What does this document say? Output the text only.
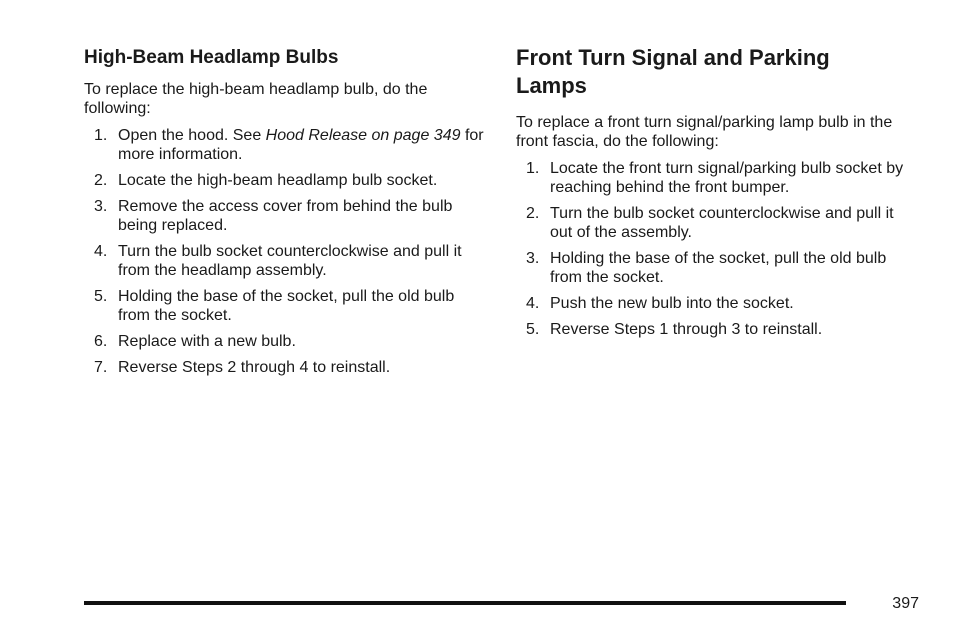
High-Beam Headlamp Bulbs

To replace the high-beam headlamp bulb, do the following:

1. Open the hood. See Hood Release on page 349 for more information.
2. Locate the high-beam headlamp bulb socket.
3. Remove the access cover from behind the bulb being replaced.
4. Turn the bulb socket counterclockwise and pull it from the headlamp assembly.
5. Holding the base of the socket, pull the old bulb from the socket.
6. Replace with a new bulb.
7. Reverse Steps 2 through 4 to reinstall.
Front Turn Signal and Parking Lamps

To replace a front turn signal/parking lamp bulb in the front fascia, do the following:

1. Locate the front turn signal/parking bulb socket by reaching behind the front bumper.
2. Turn the bulb socket counterclockwise and pull it out of the assembly.
3. Holding the base of the socket, pull the old bulb from the socket.
4. Push the new bulb into the socket.
5. Reverse Steps 1 through 3 to reinstall.
397
